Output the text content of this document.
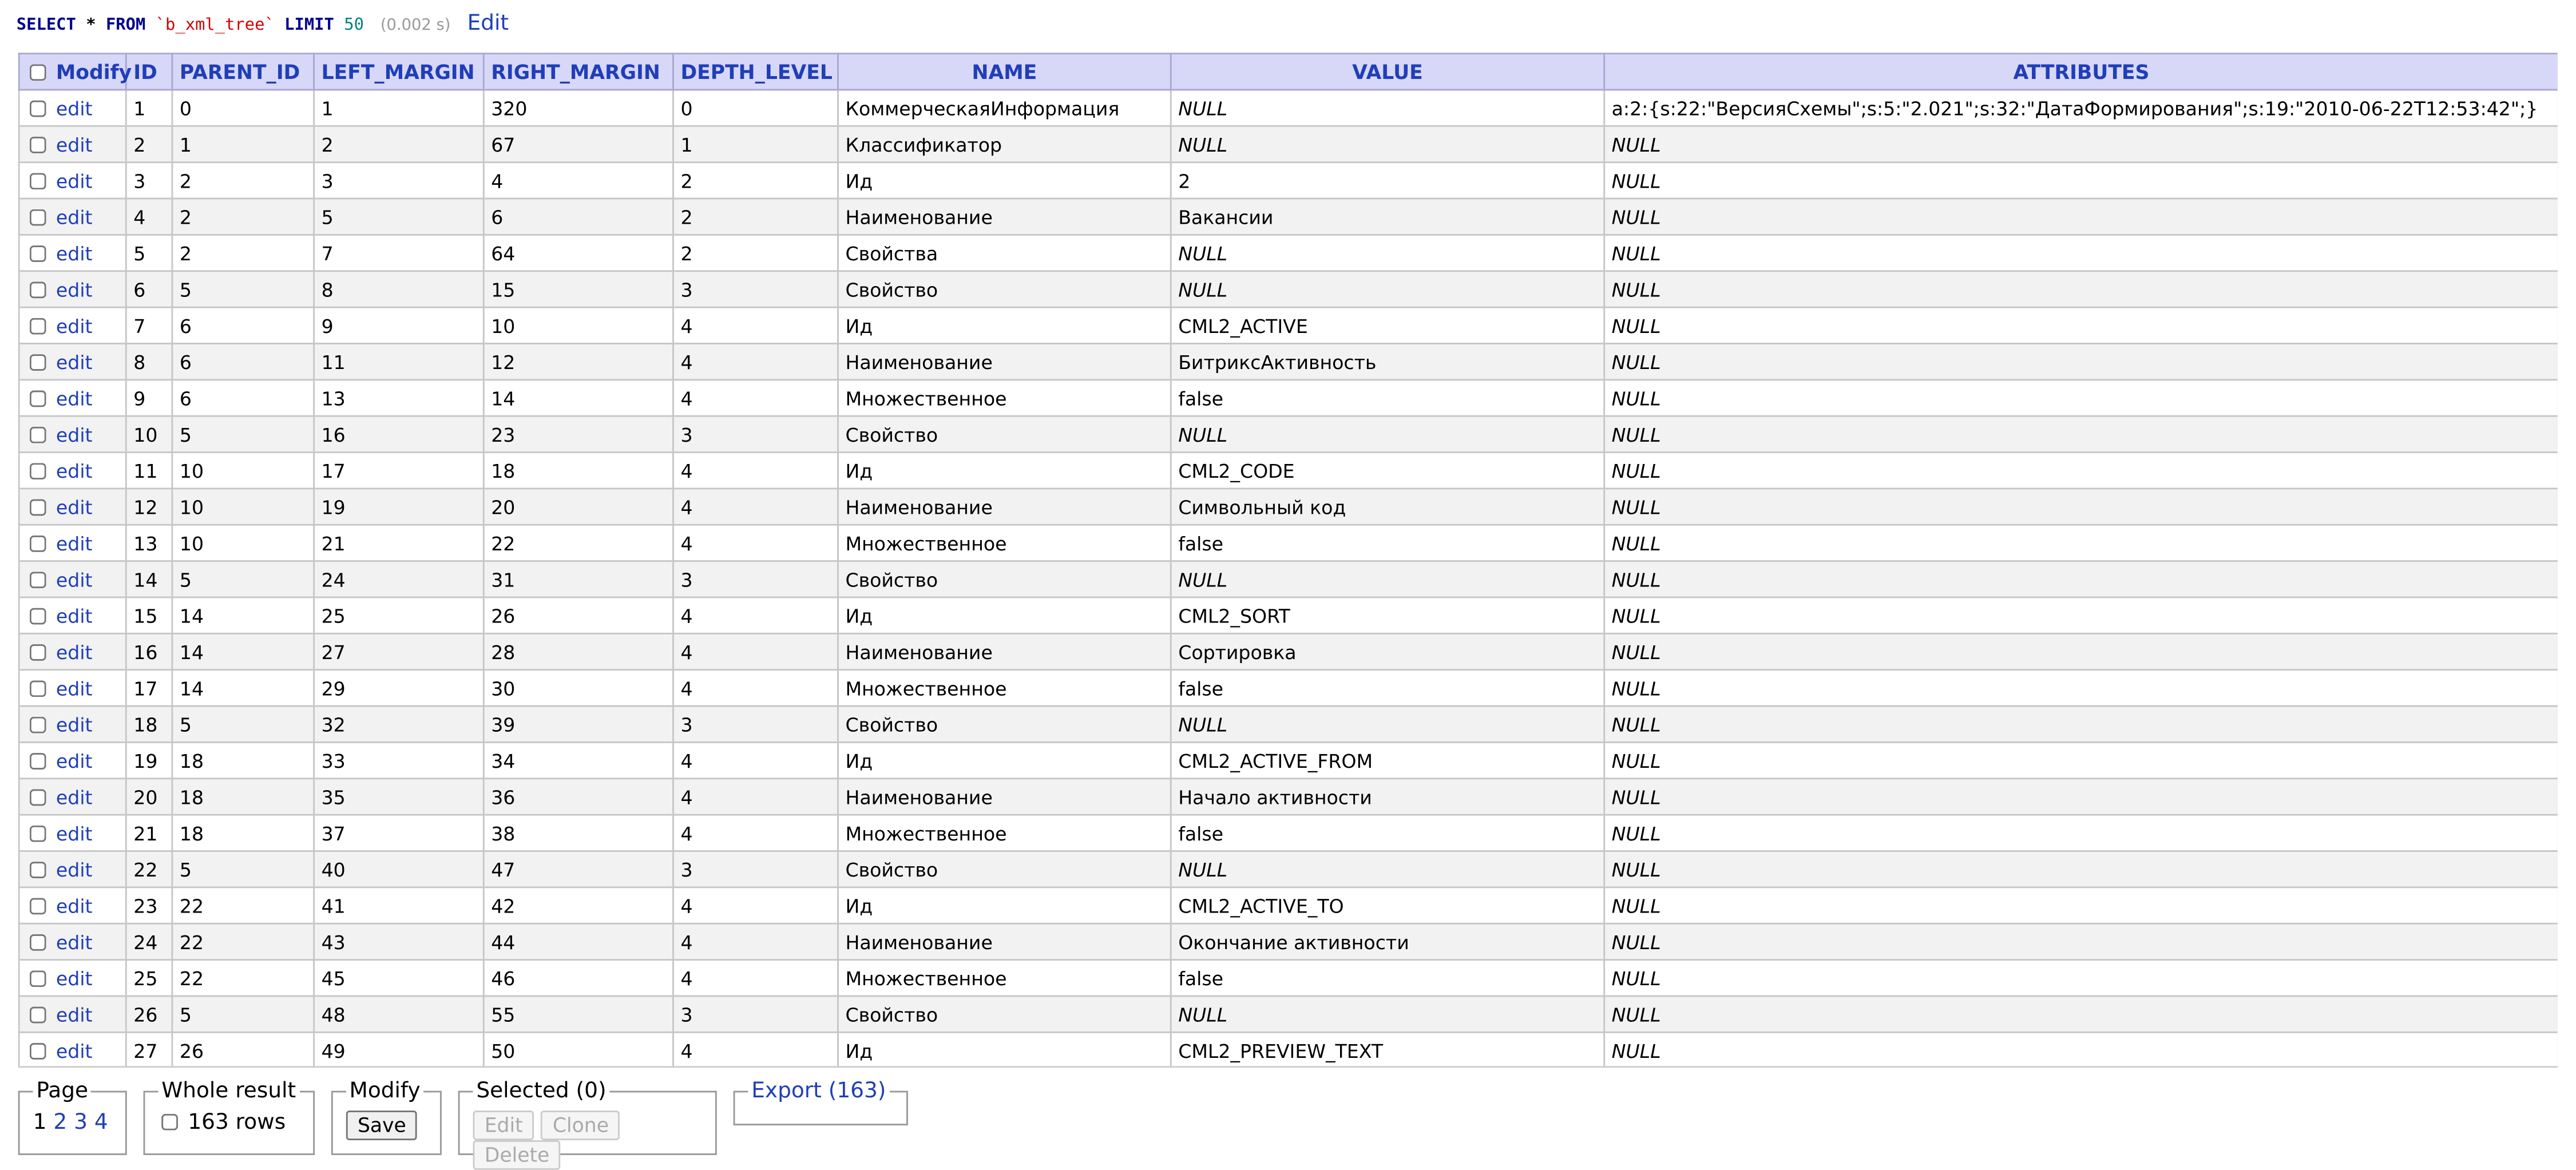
SELECT * FROM `b_xml_tree` LIMIT 50	(0.002 s) Edit
Modify	ID	PARENT_ID	LEFT_MARGIN	RIGHT_MARGIN	DEPTH_LEVEL	NAME	VALUE	ATTRIBUTES
edit	1	0	1	320	0	КоммерческаяИнформация	NULL	a:2:{s:22:"ВерсияСхемы";s:5:"2.021";s:32:"ДатаФормирования";s:19:"2010-06-22T12:53:42";}
edit	2	1	2	67	1	Классификатор	NULL	NULL
edit	3	2	3	4	2	Ид	2	NULL
edit	4	2	5	6	2	Наименование	Вакансии	NULL
edit	5	2	7	64	2	Свойства	NULL	NULL
edit	6	5	8	15	3	Свойство	NULL	NULL
edit	7	6	9	10	4	Ид	CML2_ACTIVE	NULL
edit	8	6	11	12	4	Наименование	БитриксАктивность	NULL
edit	9	6	13	14	4	Множественное	false	NULL
edit	10	5	16	23	3	Свойство	NULL	NULL
edit	11	10	17	18	4	Ид	CML2_CODE	NULL
edit	12	10	19	20	4	Наименование	Символьный код	NULL
edit	13	10	21	22	4	Множественное	false	NULL
edit	14	5	24	31	3	Свойство	NULL	NULL
edit	15	14	25	26	4	Ид	CML2_SORT	NULL
edit	16	14	27	28	4	Наименование	Сортировка	NULL
edit	17	14	29	30	4	Множественное	false	NULL
edit	18	5	32	39	3	Свойство	NULL	NULL
edit	19	18	33	34	4	Ид	CML2_ACTIVE_FROM	NULL
edit	20	18	35	36	4	Наименование	Начало активности	NULL
edit	21	18	37	38	4	Множественное	false	NULL
edit	22	5	40	47	3	Свойство	NULL	NULL
edit	23	22	41	42	4	Ид	CML2_ACTIVE_TO	NULL
edit	24	22	43	44	4	Наименование	Окончание активности	NULL
edit	25	22	45	46	4	Множественное	false	NULL
edit	26	5	48	55	3	Свойство	NULL	NULL
edit	27	26	49	50	4	Ид	CML2_PREVIEW_TEXT	NULL
Page
1 2 3 4
Whole result
163 rows
Modify
Save
Selected (0)
Edit	Clone Delete
Export (163)
